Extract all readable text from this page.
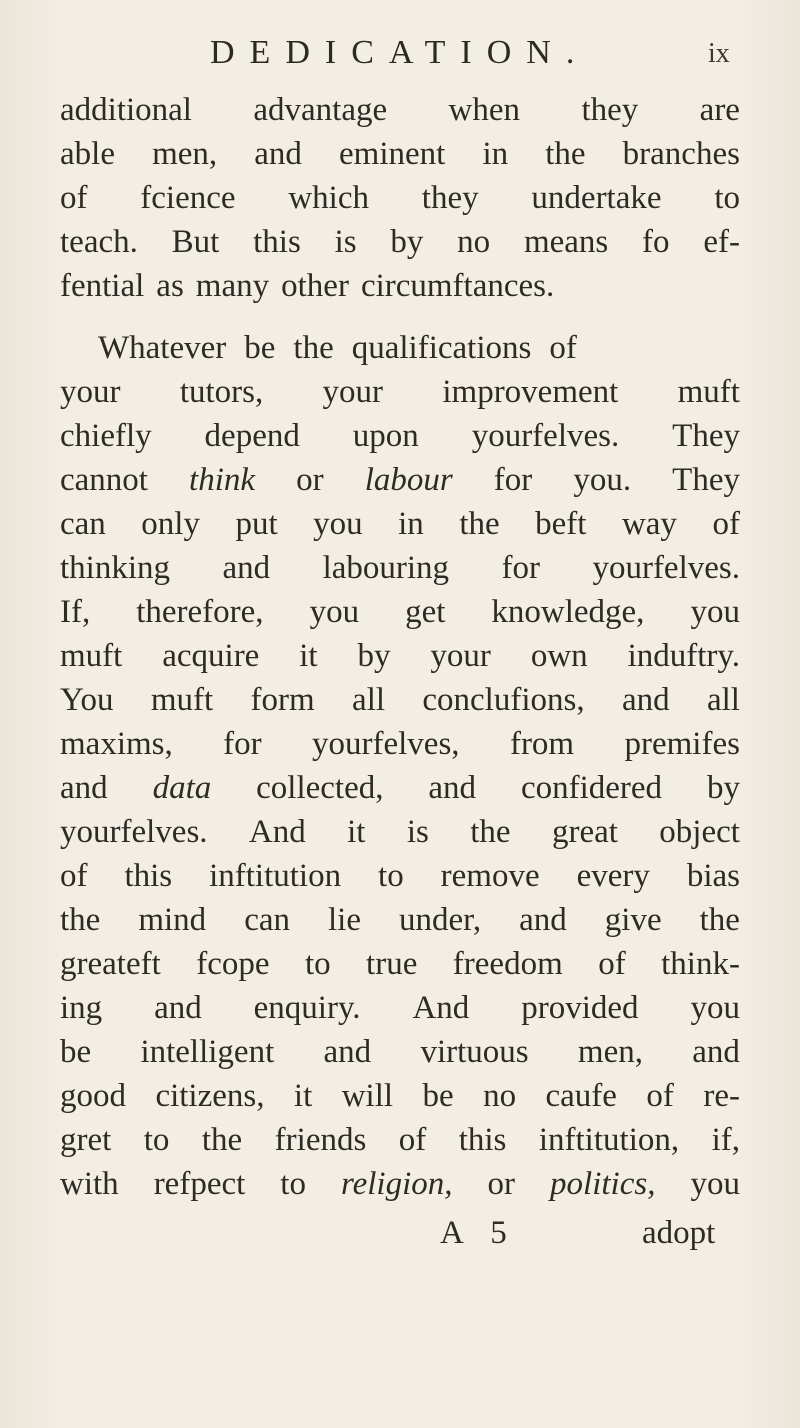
DEDICATION.	ix
additional advantage when they are
able men, and eminent in the branches
of fcience which they undertake to
teach. But this is by no means fo ef-
fential as many other circumftances.
Whatever be the qualifications of
your tutors, your improvement muft
chiefly depend upon yourfelves. They
cannot think or labour for you. They
can only put you in the beft way of
thinking and labouring for yourfelves.
If, therefore, you get knowledge, you
muft acquire it by your own induftry.
You muft form all conclufions, and all
maxims, for yourfelves, from premifes
and data collected, and confidered by
yourfelves. And it is the great object
of this inftitution to remove every bias
the mind can lie under, and give the
greateft fcope to true freedom of think-
ing and enquiry. And provided you
be intelligent and virtuous men, and
good citizens, it will be no caufe of re-
gret to the friends of this inftitution, if,
with refpect to religion, or politics, you
A 5	adopt
